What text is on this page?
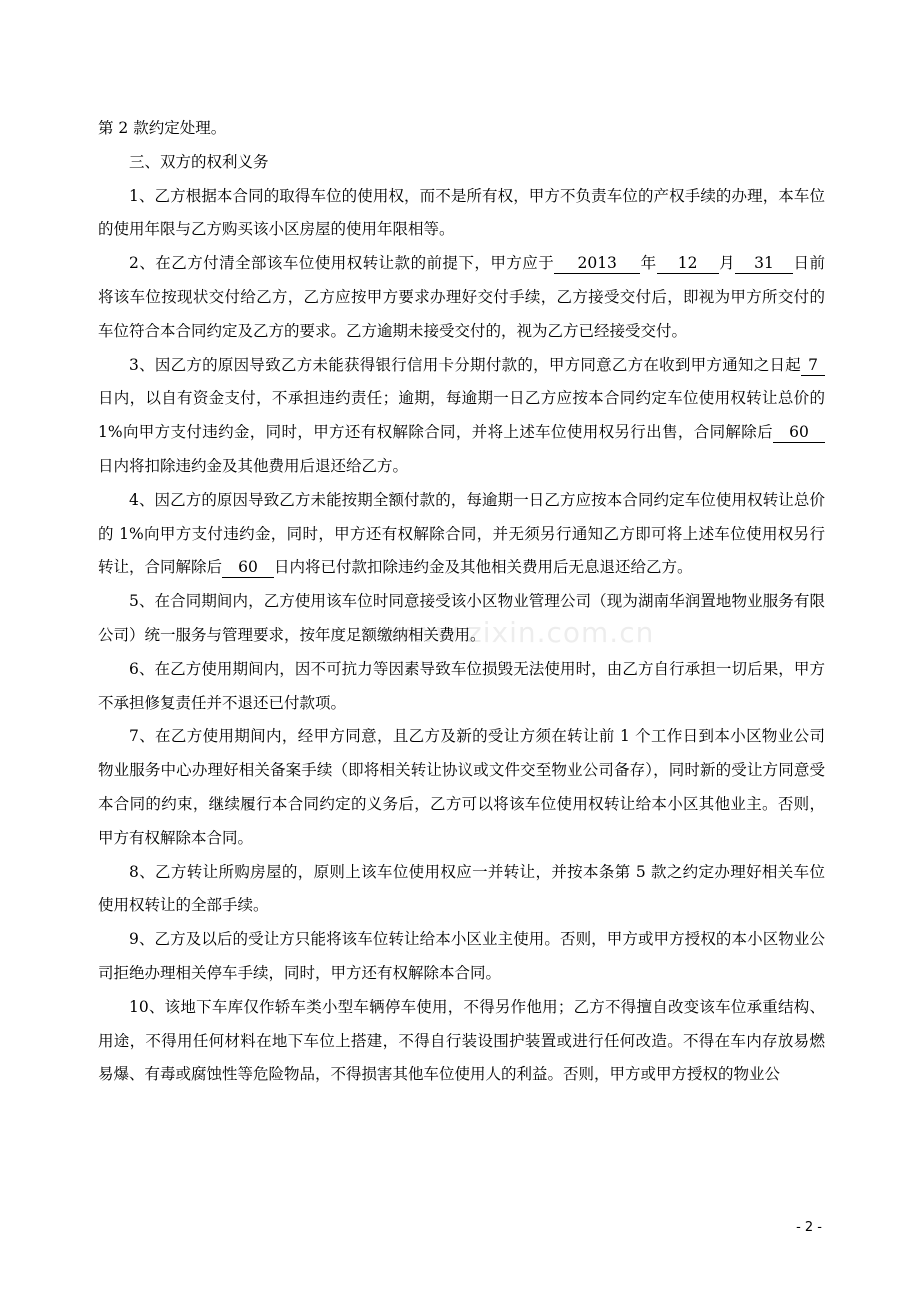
www.zixin.com.cn

第 2 款约定处理。

三、双方的权利义务

1、乙方根据本合同的取得车位的使用权，而不是所有权，甲方不负责车位的产权手续的办理，本车位的使用年限与乙方购买该小区房屋的使用年限相等。

2、在乙方付清全部该车位使用权转让款的前提下，甲方应于 2013 年 12 月 31 日前将该车位按现状交付给乙方，乙方应按甲方要求办理好交付手续，乙方接受交付后，即视为甲方所交付的车位符合本合同约定及乙方的要求。乙方逾期未接受交付的，视为乙方已经接受交付。

3、因乙方的原因导致乙方未能获得银行信用卡分期付款的，甲方同意乙方在收到甲方通知之日起 7日内，以自有资金支付，不承担违约责任；逾期，每逾期一日乙方应按本合同约定车位使用权转让总价的 1%向甲方支付违约金，同时，甲方还有权解除合同，并将上述车位使用权另行出售，合同解除后 60日内将扣除违约金及其他费用后退还给乙方。

4、因乙方的原因导致乙方未能按期全额付款的，每逾期一日乙方应按本合同约定车位使用权转让总价的 1%向甲方支付违约金，同时，甲方还有权解除合同，并无须另行通知乙方即可将上述车位使用权另行转让，合同解除后 60 日内将已付款扣除违约金及其他相关费用后无息退还给乙方。

5、在合同期间内，乙方使用该车位时同意接受该小区物业管理公司（现为湖南华润置地物业服务有限公司）统一服务与管理要求，按年度足额缴纳相关费用。

6、在乙方使用期间内，因不可抗力等因素导致车位损毁无法使用时，由乙方自行承担一切后果，甲方不承担修复责任并不退还已付款项。

7、在乙方使用期间内，经甲方同意，且乙方及新的受让方须在转让前 1 个工作日到本小区物业公司物业服务中心办理好相关备案手续（即将相关转让协议或文件交至物业公司备存），同时新的受让方同意受本合同的约束，继续履行本合同约定的义务后，乙方可以将该车位使用权转让给本小区其他业主。否则，甲方有权解除本合同。

8、乙方转让所购房屋的，原则上该车位使用权应一并转让，并按本条第 5 款之约定办理好相关车位使用权转让的全部手续。

9、乙方及以后的受让方只能将该车位转让给本小区业主使用。否则，甲方或甲方授权的本小区物业公司拒绝办理相关停车手续，同时，甲方还有权解除本合同。

10、该地下车库仅作轿车类小型车辆停车使用，不得另作他用；乙方不得擅自改变该车位承重结构、用途，不得用任何材料在地下车位上搭建，不得自行装设围护装置或进行任何改造。不得在车内存放易燃易爆、有毒或腐蚀性等危险物品，不得损害其他车位使用人的利益。否则，甲方或甲方授权的物业公

- 2 -
